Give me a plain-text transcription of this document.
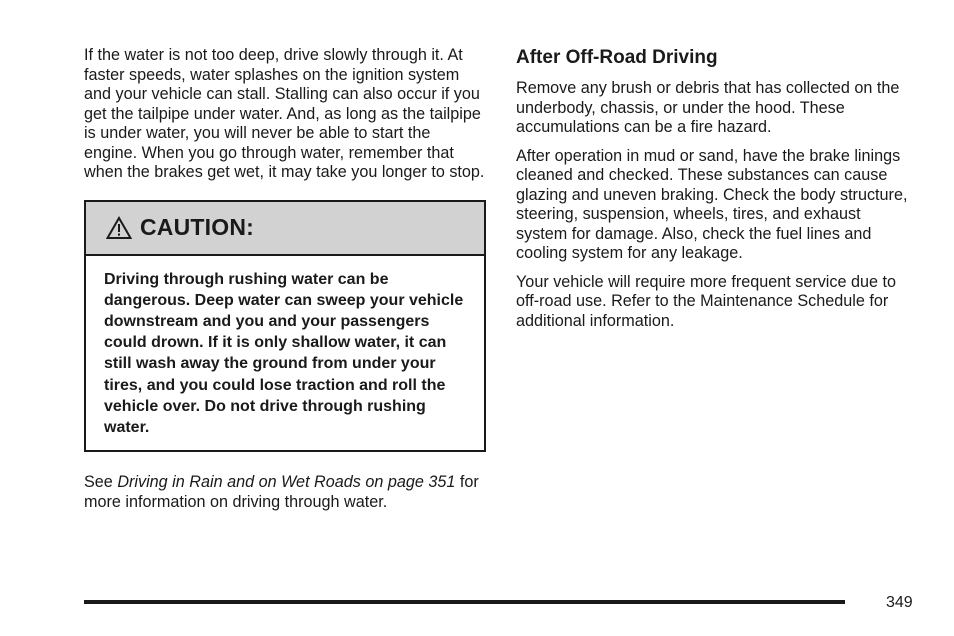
If the water is not too deep, drive slowly through it. At faster speeds, water splashes on the ignition system and your vehicle can stall. Stalling can also occur if you get the tailpipe under water. And, as long as the tailpipe is under water, you will never be able to start the engine. When you go through water, remember that when the brakes get wet, it may take you longer to stop.

CAUTION:
Driving through rushing water can be dangerous. Deep water can sweep your vehicle downstream and you and your passengers could drown. If it is only shallow water, it can still wash away the ground from under your tires, and you could lose traction and roll the vehicle over. Do not drive through rushing water.

See Driving in Rain and on Wet Roads on page 351 for more information on driving through water.

After Off-Road Driving

Remove any brush or debris that has collected on the underbody, chassis, or under the hood. These accumulations can be a fire hazard.

After operation in mud or sand, have the brake linings cleaned and checked. These substances can cause glazing and uneven braking. Check the body structure, steering, suspension, wheels, tires, and exhaust system for damage. Also, check the fuel lines and cooling system for any leakage.

Your vehicle will require more frequent service due to off-road use. Refer to the Maintenance Schedule for additional information.

349
